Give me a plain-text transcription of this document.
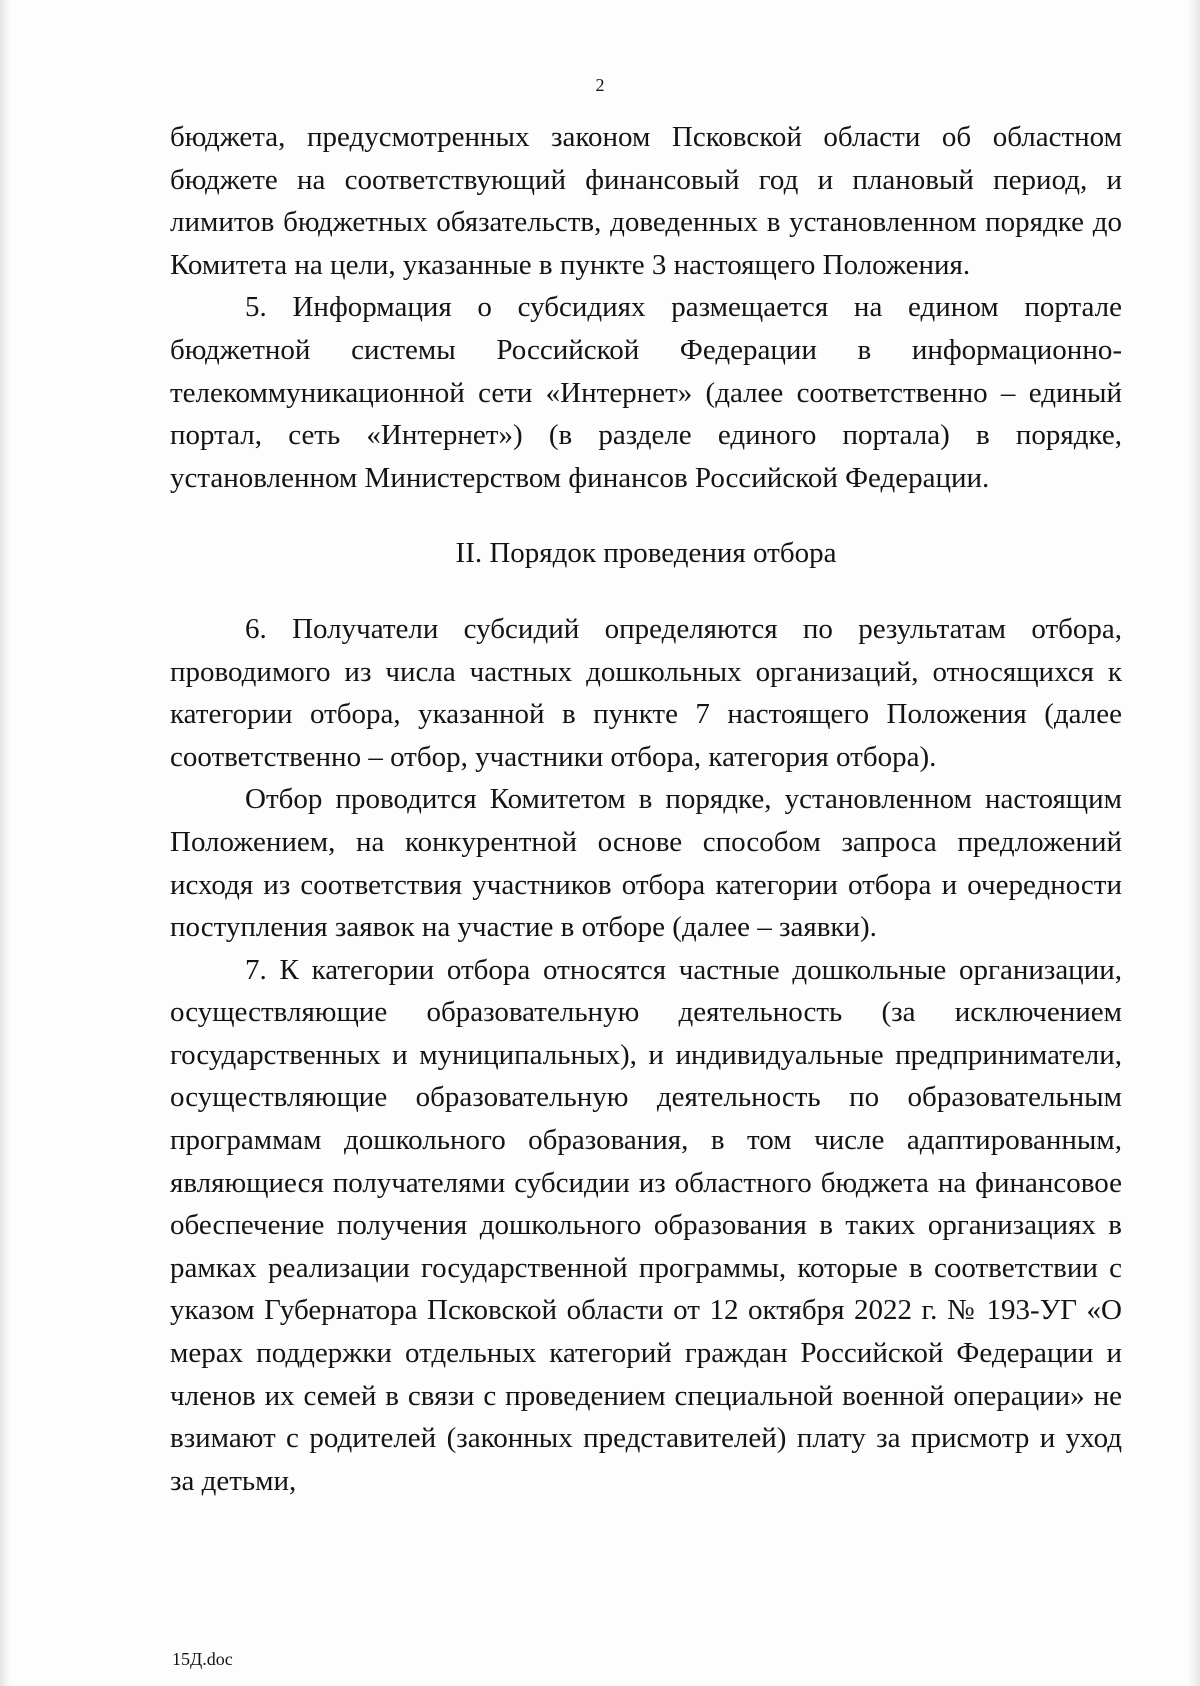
2

бюджета, предусмотренных законом Псковской области об областном бюджете на соответствующий финансовый год и плановый период, и лимитов бюджетных обязательств, доведенных в установленном порядке до Комитета на цели, указанные в пункте 3 настоящего Положения.

5. Информация о субсидиях размещается на едином портале бюджетной системы Российской Федерации в информационно-телекоммуникационной сети «Интернет» (далее соответственно – единый портал, сеть «Интернет») (в разделе единого портала) в порядке, установленном Министерством финансов Российской Федерации.

II. Порядок проведения отбора

6. Получатели субсидий определяются по результатам отбора, проводимого из числа частных дошкольных организаций, относящихся к категории отбора, указанной в пункте 7 настоящего Положения (далее соответственно – отбор, участники отбора, категория отбора).

Отбор проводится Комитетом в порядке, установленном настоящим Положением, на конкурентной основе способом запроса предложений исходя из соответствия участников отбора категории отбора и очередности поступления заявок на участие в отборе (далее – заявки).

7. К категории отбора относятся частные дошкольные организации, осуществляющие образовательную деятельность (за исключением государственных и муниципальных), и индивидуальные предприниматели, осуществляющие образовательную деятельность по образовательным программам дошкольного образования, в том числе адаптированным, являющиеся получателями субсидии из областного бюджета на финансовое обеспечение получения дошкольного образования в таких организациях в рамках реализации государственной программы, которые в соответствии с указом Губернатора Псковской области от 12 октября 2022 г. № 193-УГ «О мерах поддержки отдельных категорий граждан Российской Федерации и членов их семей в связи с проведением специальной военной операции» не взимают с родителей (законных представителей) плату за присмотр и уход за детьми,

15Д.doc
